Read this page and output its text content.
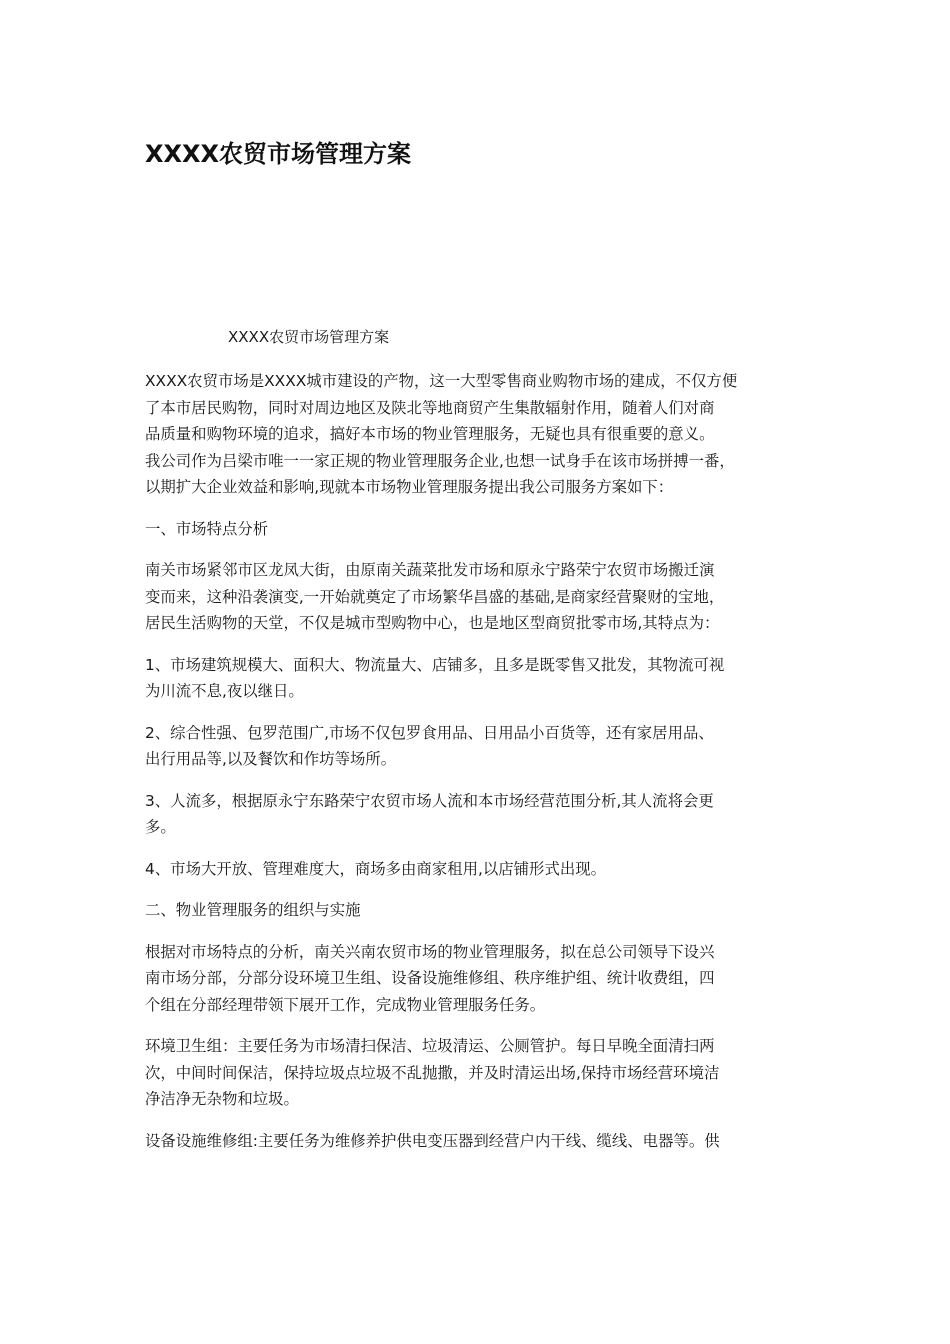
XXXX农贸市场管理方案
XXXX农贸市场管理方案

XXXX农贸市场是XXXX城市建设的产物，这一大型零售商业购物市场的建成，不仅方便
了本市居民购物，同时对周边地区及陕北等地商贸产生集散辐射作用，随着人们对商
品质量和购物环境的追求，搞好本市场的物业管理服务，无疑也具有很重要的意义。
我公司作为吕梁市唯一一家正规的物业管理服务企业,也想一试身手在该市场拼搏一番，
以期扩大企业效益和影响,现就本市场物业管理服务提出我公司服务方案如下：

一、市场特点分析

南关市场紧邻市区龙凤大街，由原南关蔬菜批发市场和原永宁路荣宁农贸市场搬迁演
变而来，这种沿袭演变,一开始就奠定了市场繁华昌盛的基础,是商家经营聚财的宝地，
居民生活购物的天堂，不仅是城市型购物中心，也是地区型商贸批零市场,其特点为：

1、市场建筑规模大、面积大、物流量大、店铺多，且多是既零售又批发，其物流可视
为川流不息,夜以继日。

2、综合性强、包罗范围广,市场不仅包罗食用品、日用品小百货等，还有家居用品、
出行用品等,以及餐饮和作坊等场所。

3、人流多，根据原永宁东路荣宁农贸市场人流和本市场经营范围分析,其人流将会更
多。

4、市场大开放、管理难度大，商场多由商家租用,以店铺形式出现。

二、物业管理服务的组织与实施

根据对市场特点的分析，南关兴南农贸市场的物业管理服务，拟在总公司领导下设兴
南市场分部，分部分设环境卫生组、设备设施维修组、秩序维护组、统计收费组，四
个组在分部经理带领下展开工作，完成物业管理服务任务。

环境卫生组：主要任务为市场清扫保洁、垃圾清运、公厕管护。每日早晚全面清扫两
次，中间时间保洁，保持垃圾点垃圾不乱抛撒，并及时清运出场,保持市场经营环境洁
净洁净无杂物和垃圾。

设备设施维修组:主要任务为维修养护供电变压器到经营户内干线、缆线、电器等。供
